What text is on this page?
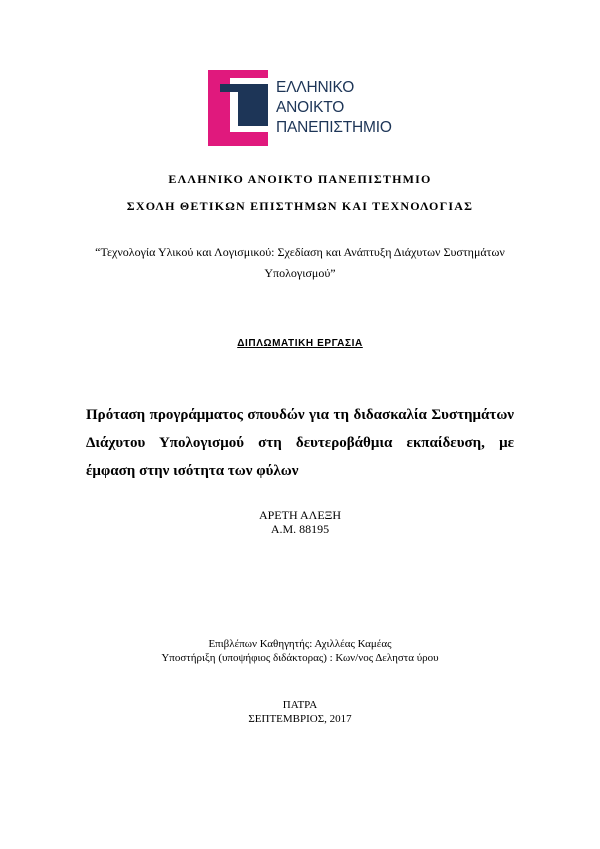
ΕΛΛΗΝΙΚΟ
ΑΝΟΙΚΤΟ
ΠΑΝΕΠΙΣΤΗΜΙΟ
ΕΛΛΗΝΙΚΟ ΑΝΟΙΚΤΟ ΠΑΝΕΠΙΣΤΗΜΙΟ
ΣΧΟΛΗ ΘΕΤΙΚΩΝ ΕΠΙΣΤΗΜΩΝ ΚΑΙ ΤΕΧΝΟΛΟΓΙΑΣ
“Τεχνολογία Υλικού και Λογισμικού: Σχεδίαση και Ανάπτυξη Διάχυτων Συστημάτων Υπολογισμού”
ΔΙΠΛΩΜΑΤΙΚΗ ΕΡΓΑΣΙΑ
Πρόταση προγράμματος σπουδών για τη διδασκαλία Συστημάτων Διάχυτου Υπολογισμού στη δευτεροβάθμια εκπαίδευση, με έμφαση στην ισότητα των φύλων
ΑΡΕΤΗ ΑΛΕΞΗ
Α.Μ. 88195
Επιβλέπων Καθηγητής: Αχιλλέας Καμέας
Υποστήριξη (υποψήφιος διδάκτορας) : Κων/νος Δεληστα ύρου
ΠΑΤΡΑ
ΣΕΠΤΕΜΒΡΙΟΣ, 2017
